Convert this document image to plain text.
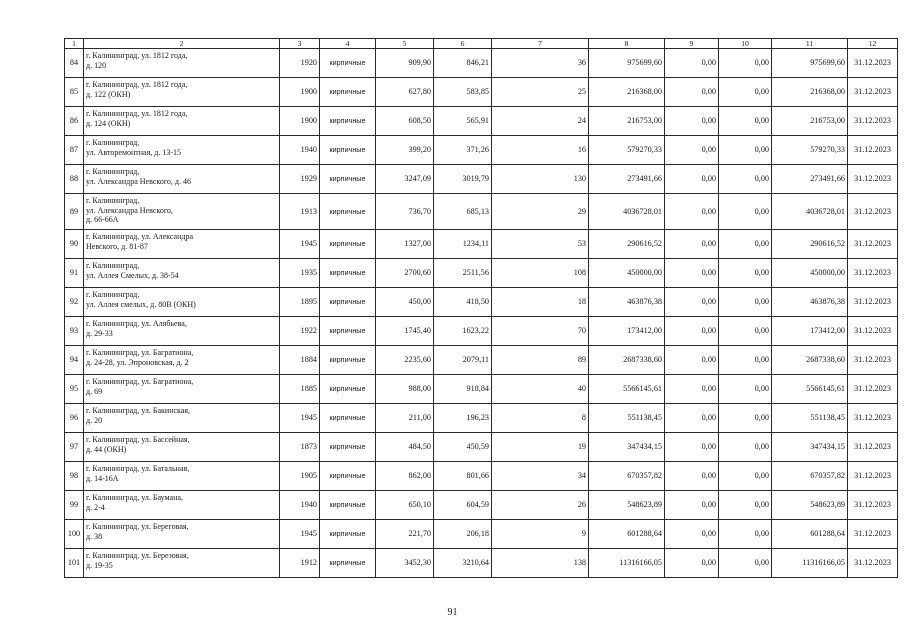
1	2	3	4	5	6	7	8	9	10	11	12
84	г. Калининград, ул. 1812 года,
д. 120	1920	кирпичные	909,90	846,21	36	975699,60	0,00	0,00	975699,60	31.12.2023
85	г. Калининград, ул. 1812 года,
д. 122 (ОКН)	1900	кирпичные	627,80	583,85	25	216368,00	0,00	0,00	216368,00	31.12.2023
86	г. Калининград, ул. 1812 года,
д. 124 (ОКН)	1900	кирпичные	608,50	565,91	24	216753,00	0,00	0,00	216753,00	31.12.2023
87	г. Калининград,
ул. Авторемонтная, д. 13-15	1940	кирпичные	399,20	371,26	16	579270,33	0,00	0,00	579270,33	31.12.2023
88	г. Калининград,
ул. Александра Невского, д. 46	1929	кирпичные	3247,09	3019,79	130	273491,66	0,00	0,00	273491,66	31.12.2023
89	г. Калининград,
ул. Александра Невского,
д. 66-66А	1913	кирпичные	736,70	685,13	29	4036728,01	0,00	0,00	4036728,01	31.12.2023
90	г. Калининград, ул. Александра
Невского, д. 81-87	1945	кирпичные	1327,00	1234,11	53	290616,52	0,00	0,00	290616,52	31.12.2023
91	г. Калининград,
ул. Аллея Смелых, д. 38-54	1935	кирпичные	2700,60	2511,56	108	450000,00	0,00	0,00	450000,00	31.12.2023
92	г. Калининград,
ул. Аллея смелых, д. 80В (ОКН)	1895	кирпичные	450,00	418,50	18	463876,38	0,00	0,00	463876,38	31.12.2023
93	г. Калининград, ул. Алябьева,
д. 29-33	1922	кирпичные	1745,40	1623,22	70	173412,00	0,00	0,00	173412,00	31.12.2023
94	г. Калининград, ул. Багратиона,
д. 24-28, ул. Эпроновская, д. 2	1884	кирпичные	2235,60	2079,11	89	2687338,60	0,00	0,00	2687338,60	31.12.2023
95	г. Калининград, ул. Багратиона,
д. 69	1885	кирпичные	988,00	918,84	40	5566145,61	0,00	0,00	5566145,61	31.12.2023
96	г. Калининград, ул. Бакинская,
д. 20	1945	кирпичные	211,00	196,23	8	551138,45	0,00	0,00	551138,45	31.12.2023
97	г. Калининград, ул. Бассейная,
д. 44 (ОКН)	1873	кирпичные	484,50	450,59	19	347434,15	0,00	0,00	347434,15	31.12.2023
98	г. Калининград, ул. Батальная,
д. 14-16А	1905	кирпичные	862,00	801,66	34	670357,82	0,00	0,00	670357,82	31.12.2023
99	г. Калининград, ул. Баумана,
д. 2-4	1940	кирпичные	650,10	604,59	26	548623,89	0,00	0,00	548623,89	31.12.2023
100	г. Калининград, ул. Береговая,
д. 38	1945	кирпичные	221,70	206,18	9	601288,64	0,00	0,00	601288,64	31.12.2023
101	г. Калининград, ул. Березовая,
д. 19-35	1912	кирпичные	3452,30	3210,64	138	11316166,05	0,00	0,00	11316166,05	31.12.2023
91
